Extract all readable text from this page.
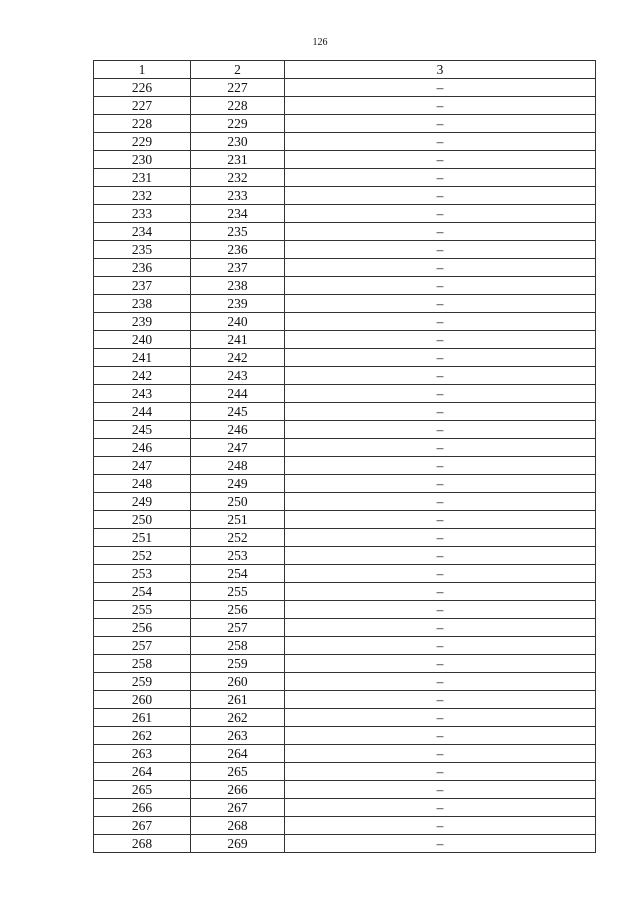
126
1	2	3
226	227	–
227	228	–
228	229	–
229	230	–
230	231	–
231	232	–
232	233	–
233	234	–
234	235	–
235	236	–
236	237	–
237	238	–
238	239	–
239	240	–
240	241	–
241	242	–
242	243	–
243	244	–
244	245	–
245	246	–
246	247	–
247	248	–
248	249	–
249	250	–
250	251	–
251	252	–
252	253	–
253	254	–
254	255	–
255	256	–
256	257	–
257	258	–
258	259	–
259	260	–
260	261	–
261	262	–
262	263	–
263	264	–
264	265	–
265	266	–
266	267	–
267	268	–
268	269	–
